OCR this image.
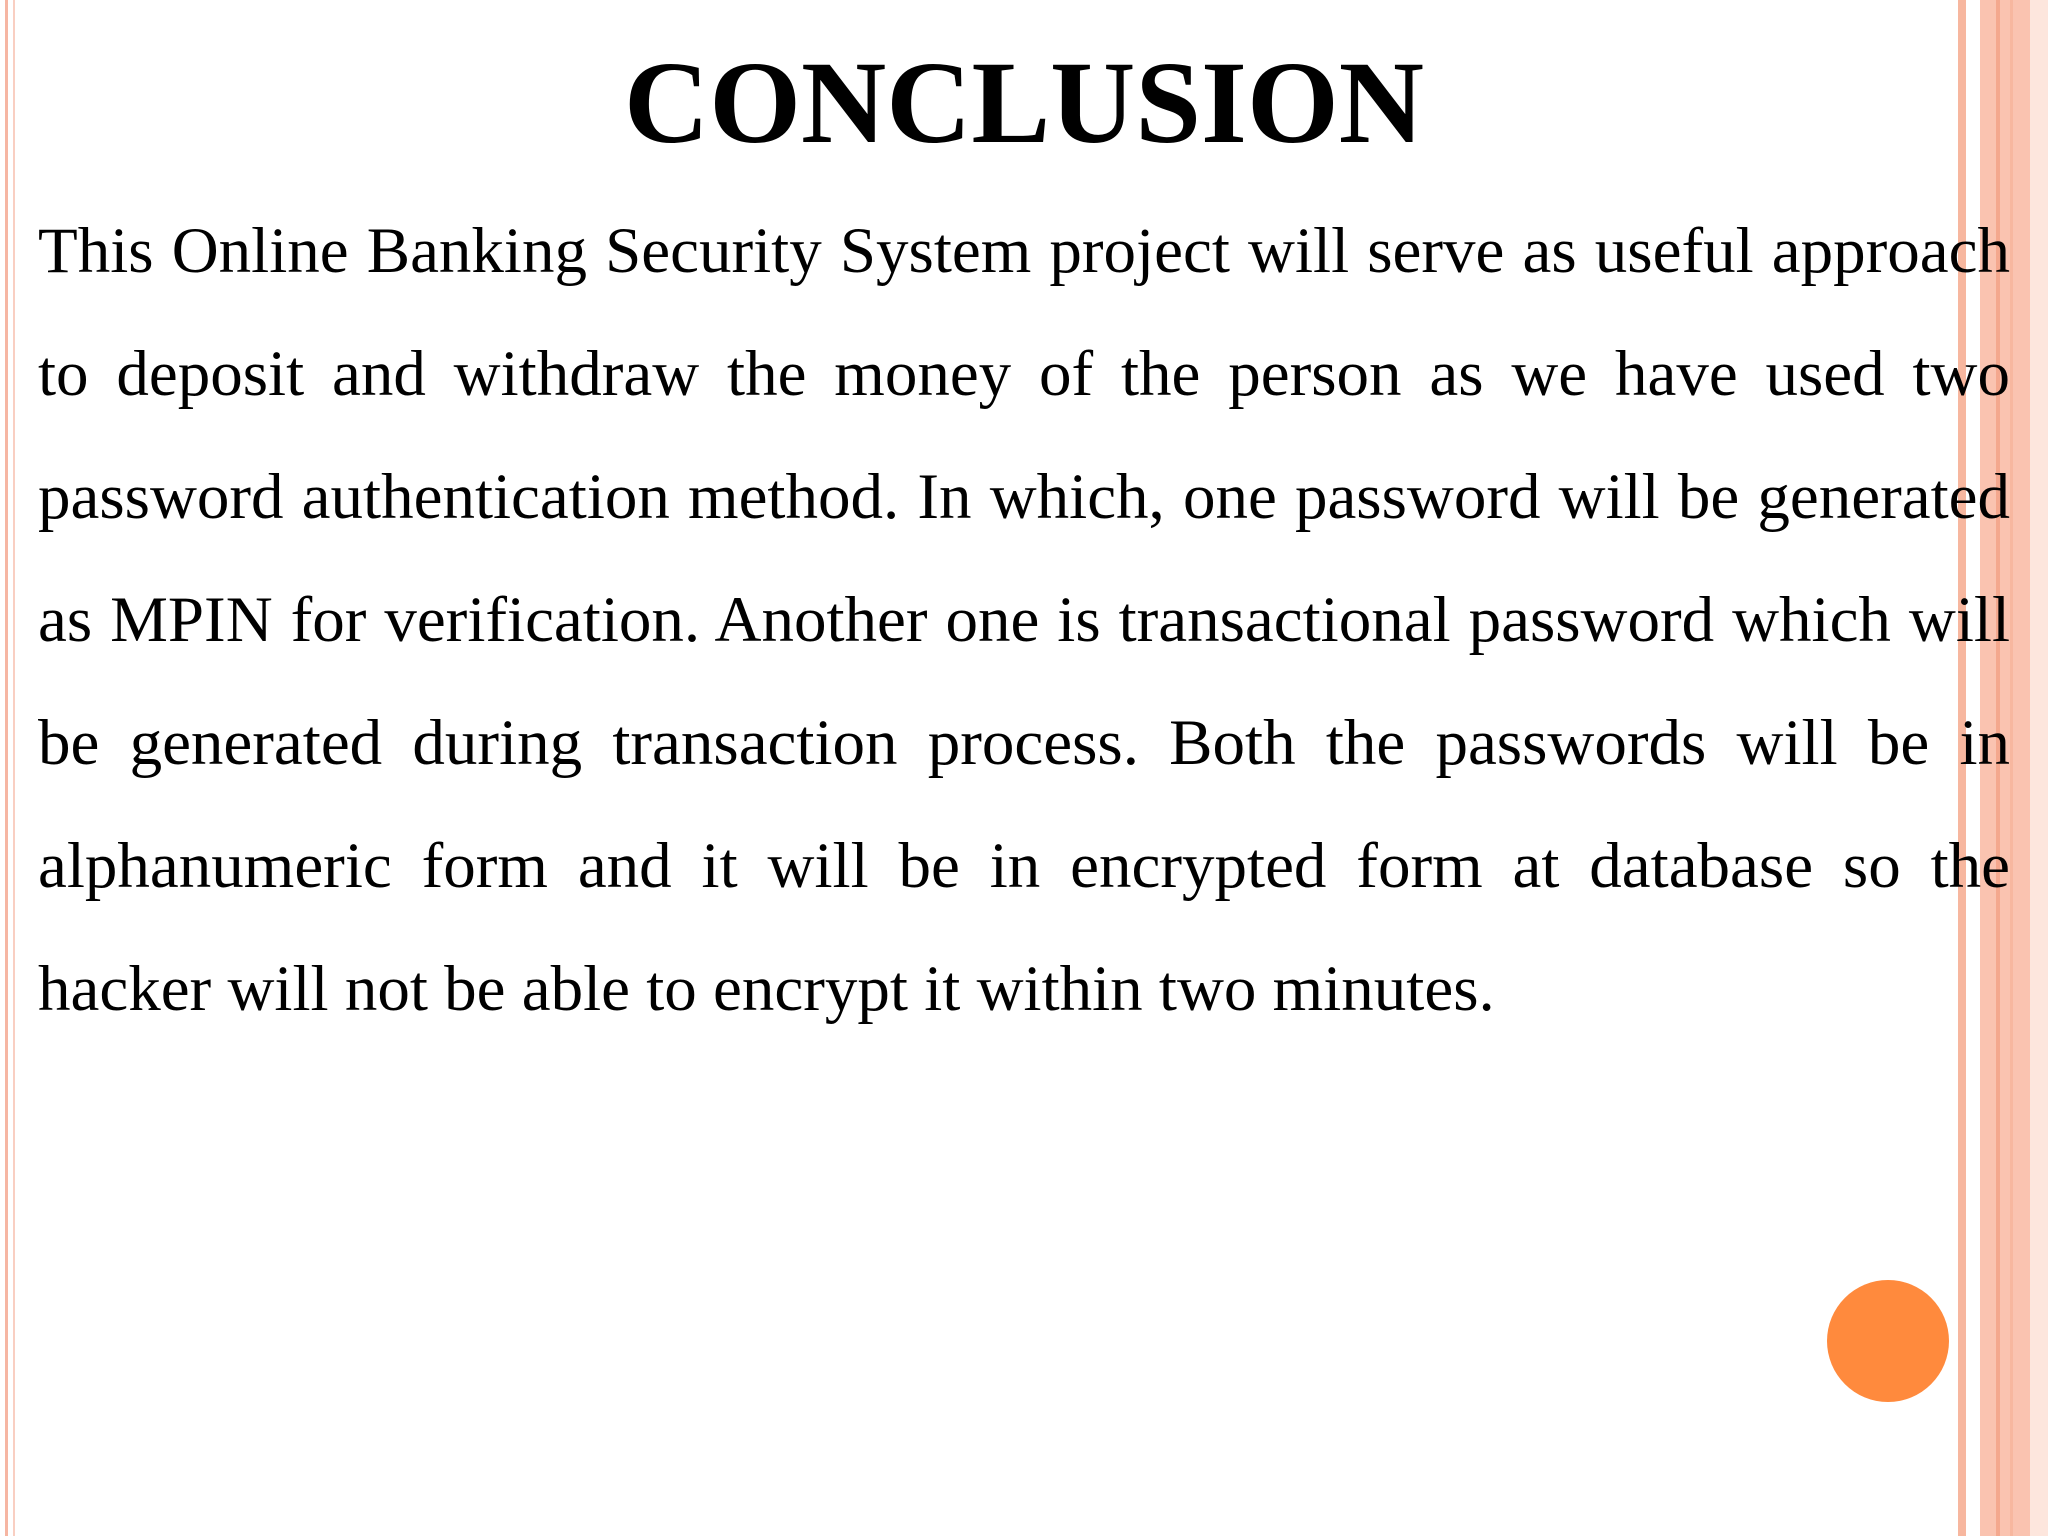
CONCLUSION

This Online Banking Security System project will serve as useful approach to deposit and withdraw the money of the person as we have used two password authentication method. In which, one password will be generated as MPIN for verification. Another one is transactional password which will be generated during transaction process. Both the passwords will be in alphanumeric form and it will be in encrypted form at database so the hacker will not be able to encrypt it within two minutes.
